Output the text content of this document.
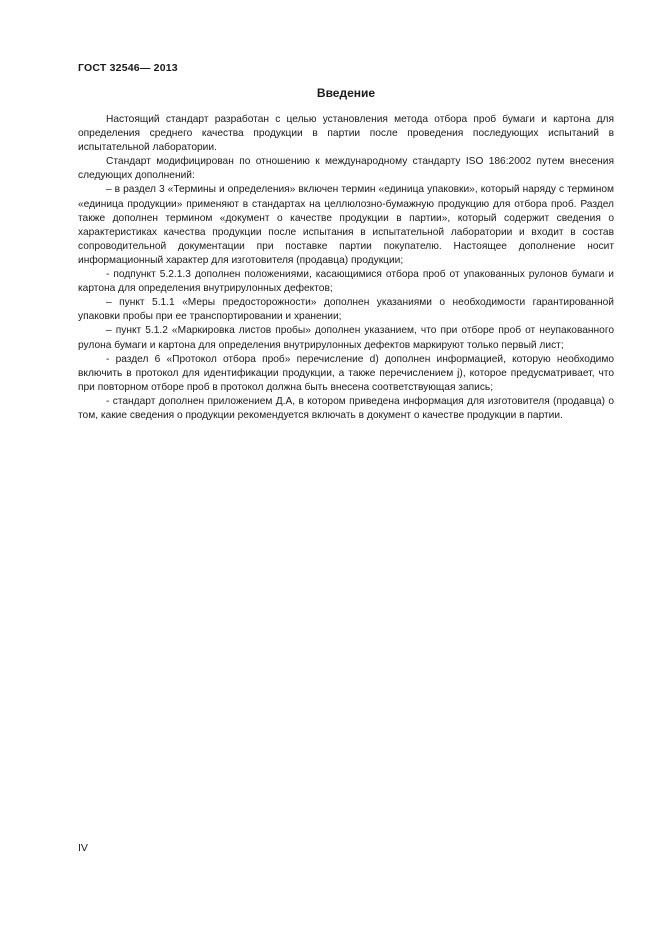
ГОСТ 32546— 2013
Введение

Настоящий стандарт разработан с целью установления метода отбора проб бумаги и картона для определения среднего качества продукции в партии после проведения последующих испытаний в испытательной лаборатории.

Стандарт модифицирован по отношению к международному стандарту ISO 186:2002 путем внесения следующих дополнений:

– в раздел 3 «Термины и определения» включен термин «единица упаковки», который наряду с термином «единица продукции» применяют в стандартах на целлюлозно-бумажную продукцию для отбора проб. Раздел также дополнен термином «документ о качестве продукции в партии», который содержит сведения о характеристиках качества продукции после испытания в испытательной лаборатории и входит в состав сопроводительной документации при поставке партии покупателю. Настоящее дополнение носит информационный характер для изготовителя (продавца) продукции;

- подпункт 5.2.1.3 дополнен положениями, касающимися отбора проб от упакованных рулонов бумаги и картона для определения внутрирулонных дефектов;

– пункт 5.1.1 «Меры предосторожности» дополнен указаниями о необходимости гарантированной упаковки пробы при ее транспортировании и хранении;

– пункт 5.1.2 «Маркировка листов пробы» дополнен указанием, что при отборе проб от неупакованного рулона бумаги и картона для определения внутрирулонных дефектов маркируют только первый лист;

- раздел 6 «Протокол отбора проб» перечисление d) дополнен информацией, которую необходимо включить в протокол для идентификации продукции, а также перечислением j), которое предусматривает, что при повторном отборе проб в протокол должна быть внесена соответствующая запись;

- стандарт дополнен приложением Д.А, в котором приведена информация для изготовителя (продавца) о том, какие сведения о продукции рекомендуется включать в документ о качестве продукции в партии.

IV
